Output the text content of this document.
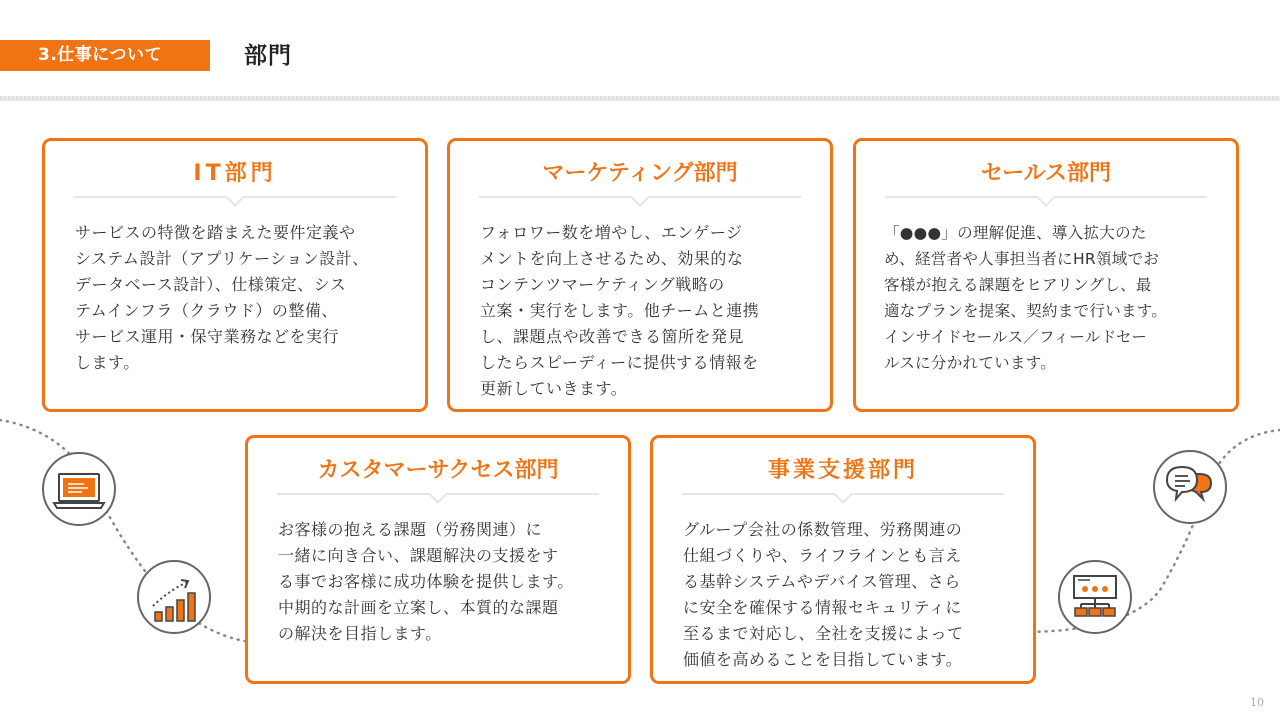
3.仕事について	部門
IT部門
サービスの特徴を踏まえた要件定義や
システム設計（アプリケーション設計、
データベース設計）、仕様策定、シス
テムインフラ（クラウド）の整備、
サービス運用・保守業務などを実行
します。
マーケティング部門
フォロワー数を増やし、エンゲージ
メントを向上させるため、効果的な
コンテンツマーケティング戦略の
立案・実行をします。他チームと連携
し、課題点や改善できる箇所を発見
したらスピーディーに提供する情報を
更新していきます。
セールス部門
「●●●」の理解促進、導入拡大のた
め、経営者や人事担当者にHR領域でお
客様が抱える課題をヒアリングし、最
適なプランを提案、契約まで行います。
インサイドセールス／フィールドセー
ルスに分かれています。
カスタマーサクセス部門
お客様の抱える課題（労務関連）に
一緒に向き合い、課題解決の支援をす
る事でお客様に成功体験を提供します。
中期的な計画を立案し、本質的な課題
の解決を目指します。
事業支援部門
グループ会社の係数管理、労務関連の
仕組づくりや、ライフラインとも言え
る基幹システムやデバイス管理、さら
に安全を確保する情報セキュリティに
至るまで対応し、全社を支援によって
価値を高めることを目指しています。
10
